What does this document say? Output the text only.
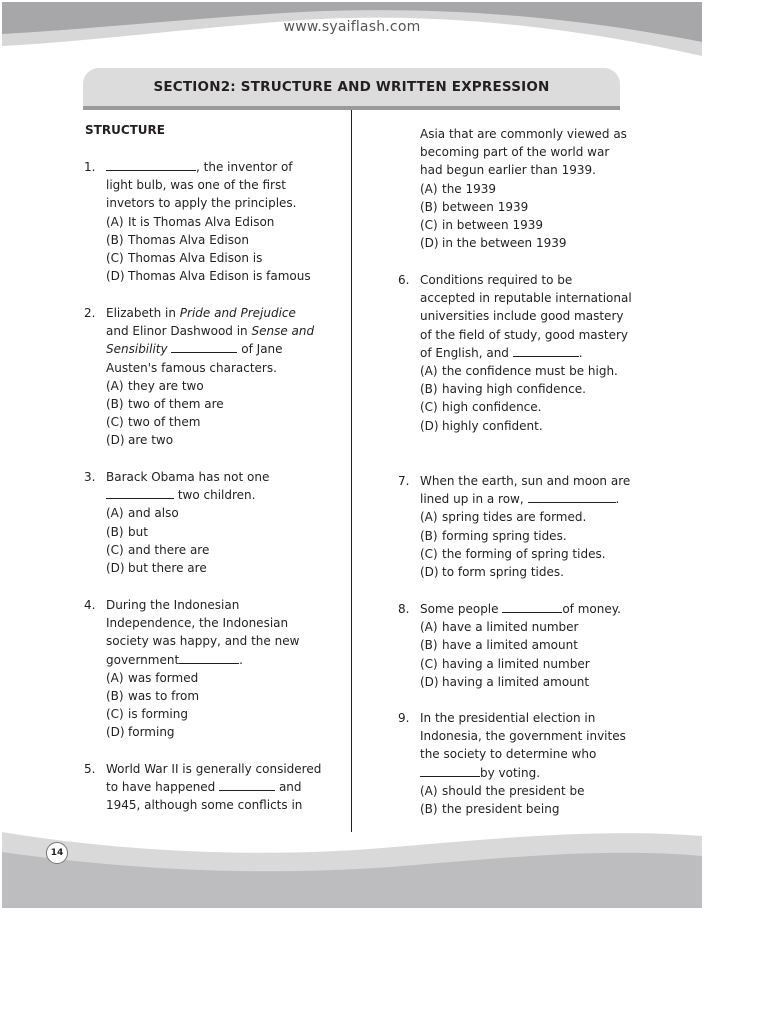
www.syaiflash.com
SECTION2: STRUCTURE AND WRITTEN EXPRESSION
STRUCTURE
1.	, the inventor of

light bulb, was one of the first

invetors to apply the principles.

(A) It is Thomas Alva Edison
(B) Thomas Alva Edison
(C) Thomas Alva Edison is
(D) Thomas Alva Edison is famous
2. Elizabeth in Pride and Prejudice

and Elinor Dashwood in Sense and

Sensibility	of Jane

Austen's famous characters.

(A) they are two
(B) two of them are
(C) two of them
(D) are two
3. Barack Obama has not one

two children.

(A) and also
(B) but
(C) and there are
(D) but there are
4. During the Indonesian

Independence, the Indonesian

society was happy, and the new

government	.

(A) was formed
(B) was to from
(C) is forming
(D) forming
5. World War II is generally considered

to have happened	and

1945, although some conflicts in

Asia that are commonly viewed as

becoming part of the world war

had begun earlier than 1939.

(A) the 1939
(B) between 1939
(C) in between 1939
(D) in the between 1939
6. Conditions required to be

accepted in reputable international

universities include good mastery

of the field of study, good mastery

of English, and	.

(A) the confidence must be high.
(B) having high confidence.
(C) high confidence.
(D) highly confident.
7. When the earth, sun and moon are

lined up in a row,	.

(A) spring tides are formed.
(B) forming spring tides.
(C) the forming of spring tides.
(D) to form spring tides.
8. Some people	of money.

(A) have a limited number
(B) have a limited amount
(C) having a limited number
(D) having a limited amount
9. In the presidential election in

Indonesia, the government invites

the society to determine who

by voting.

(A) should the president be
(B) the president being
14
